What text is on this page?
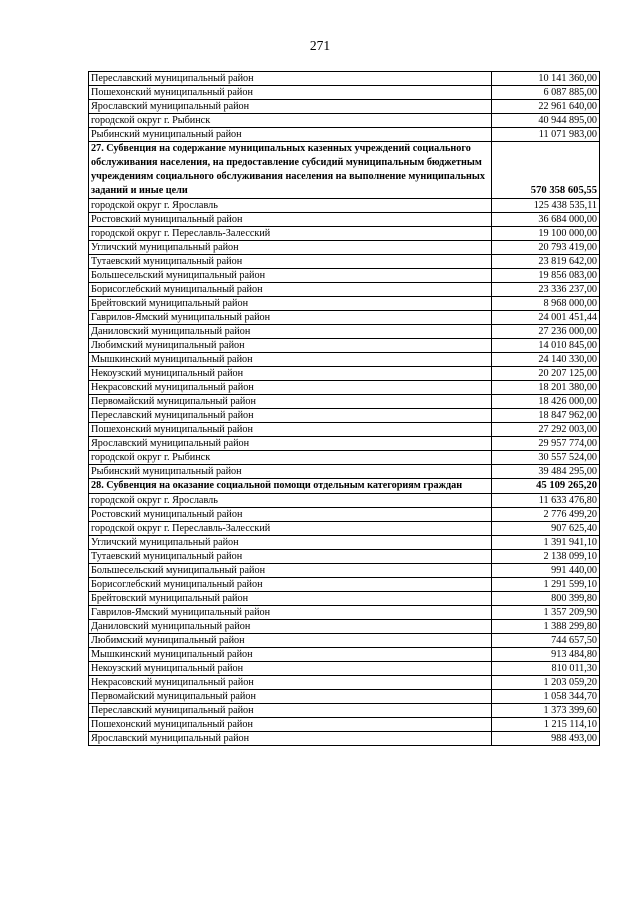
271
Переславский муниципальный район	10 141 360,00
Пошехонский муниципальный район	6 087 885,00
Ярославский муниципальный район	22 961 640,00
городской округ г. Рыбинск	40 944 895,00
Рыбинский муниципальный район	11 071 983,00
27. Субвенция на содержание муниципальных казенных учреждений социального обслуживания населения, на предоставление субсидий муниципальным бюджетным учреждениям социального обслуживания населения на выполнение муниципальных заданий и иные цели	570 358 605,55
городской округ г. Ярославль	125 438 535,11
Ростовский муниципальный район	36 684 000,00
городской округ г. Переславль-Залесский	19 100 000,00
Угличский муниципальный район	20 793 419,00
Тутаевский муниципальный район	23 819 642,00
Большесельский муниципальный район	19 856 083,00
Борисоглебский муниципальный район	23 336 237,00
Брейтовский муниципальный район	8 968 000,00
Гаврилов-Ямский муниципальный район	24 001 451,44
Даниловский муниципальный район	27 236 000,00
Любимский муниципальный район	14 010 845,00
Мышкинский муниципальный район	24 140 330,00
Некоузский муниципальный район	20 207 125,00
Некрасовский муниципальный район	18 201 380,00
Первомайский муниципальный район	18 426 000,00
Переславский муниципальный район	18 847 962,00
Пошехонский муниципальный район	27 292 003,00
Ярославский муниципальный район	29 957 774,00
городской округ г. Рыбинск	30 557 524,00
Рыбинский муниципальный район	39 484 295,00
28. Субвенция на оказание социальной помощи отдельным категориям граждан	45 109 265,20
городской округ г. Ярославль	11 633 476,80
Ростовский муниципальный район	2 776 499,20
городской округ г. Переславль-Залесский	907 625,40
Угличский муниципальный район	1 391 941,10
Тутаевский муниципальный район	2 138 099,10
Большесельский муниципальный район	991 440,00
Борисоглебский муниципальный район	1 291 599,10
Брейтовский муниципальный район	800 399,80
Гаврилов-Ямский муниципальный район	1 357 209,90
Даниловский муниципальный район	1 388 299,80
Любимский муниципальный район	744 657,50
Мышкинский муниципальный район	913 484,80
Некоузский муниципальный район	810 011,30
Некрасовский муниципальный район	1 203 059,20
Первомайский муниципальный район	1 058 344,70
Переславский муниципальный район	1 373 399,60
Пошехонский муниципальный район	1 215 114,10
Ярославский муниципальный район	988 493,00
